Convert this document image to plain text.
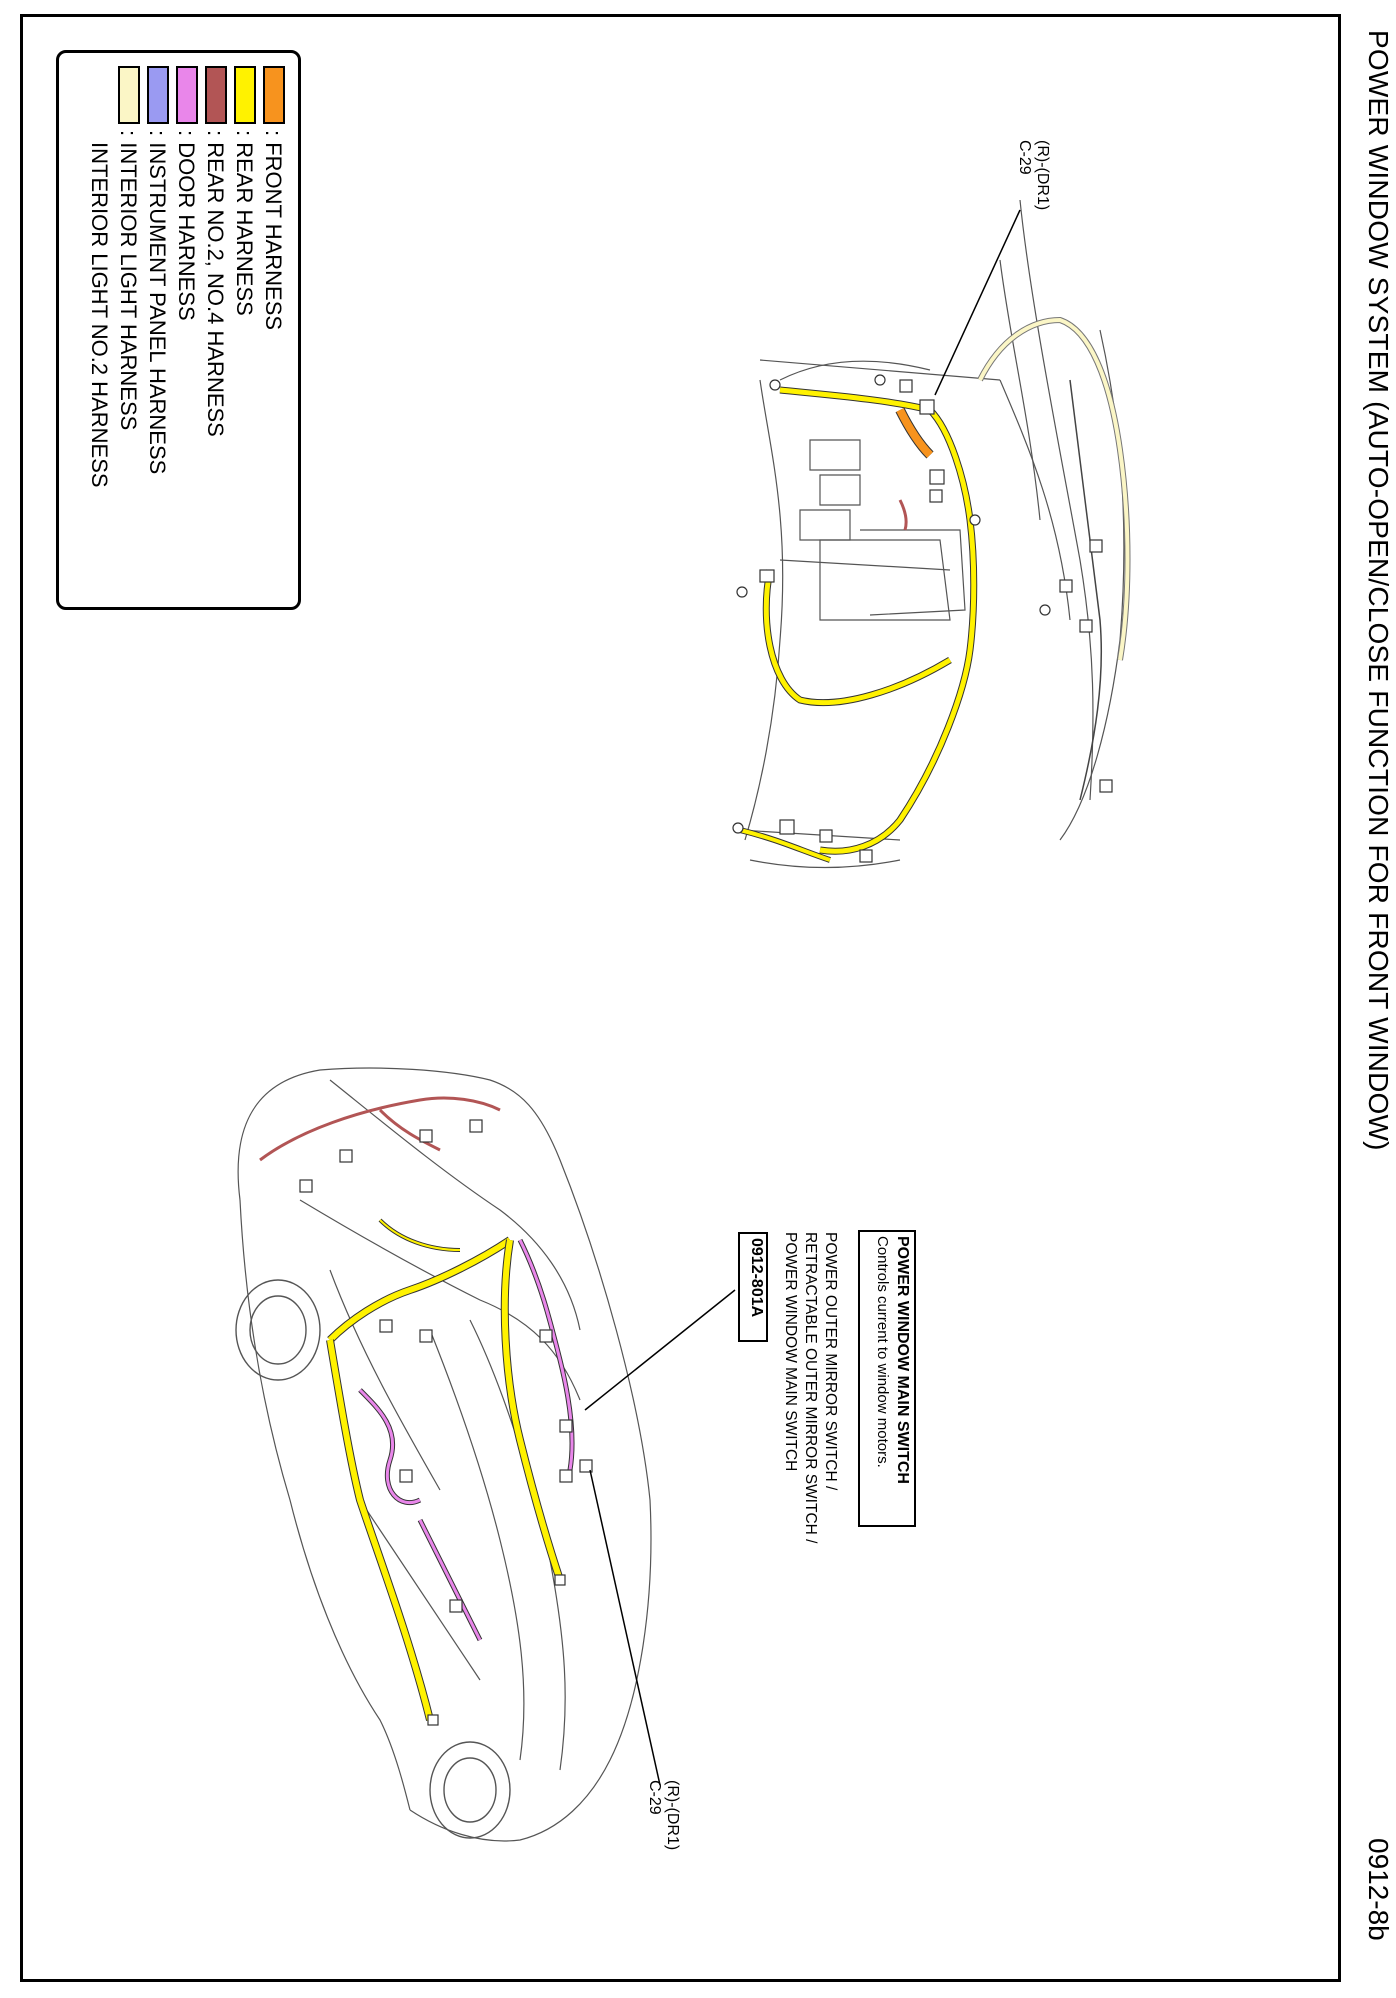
POWER WINDOW SYSTEM (AUTO-OPEN/CLOSE FUNCTION FOR FRONT WINDOW)
0912-8b
: FRONT HARNESS
: REAR HARNESS
: REAR NO.2, NO.4 HARNESS
: DOOR HARNESS
: INSTRUMENT PANEL HARNESS
: INTERIOR LIGHT HARNESS
INTERIOR LIGHT NO.2 HARNESS
POWER WINDOW MAIN SWITCH
Controls current to window motors.
POWER OUTER MIRROR SWITCH /
RETRACTABLE OUTER MIRROR SWITCH /
POWER WINDOW MAIN SWITCH
0912-801A
(R)-(DR1)
C-29
(R)-(DR1)
C-29
